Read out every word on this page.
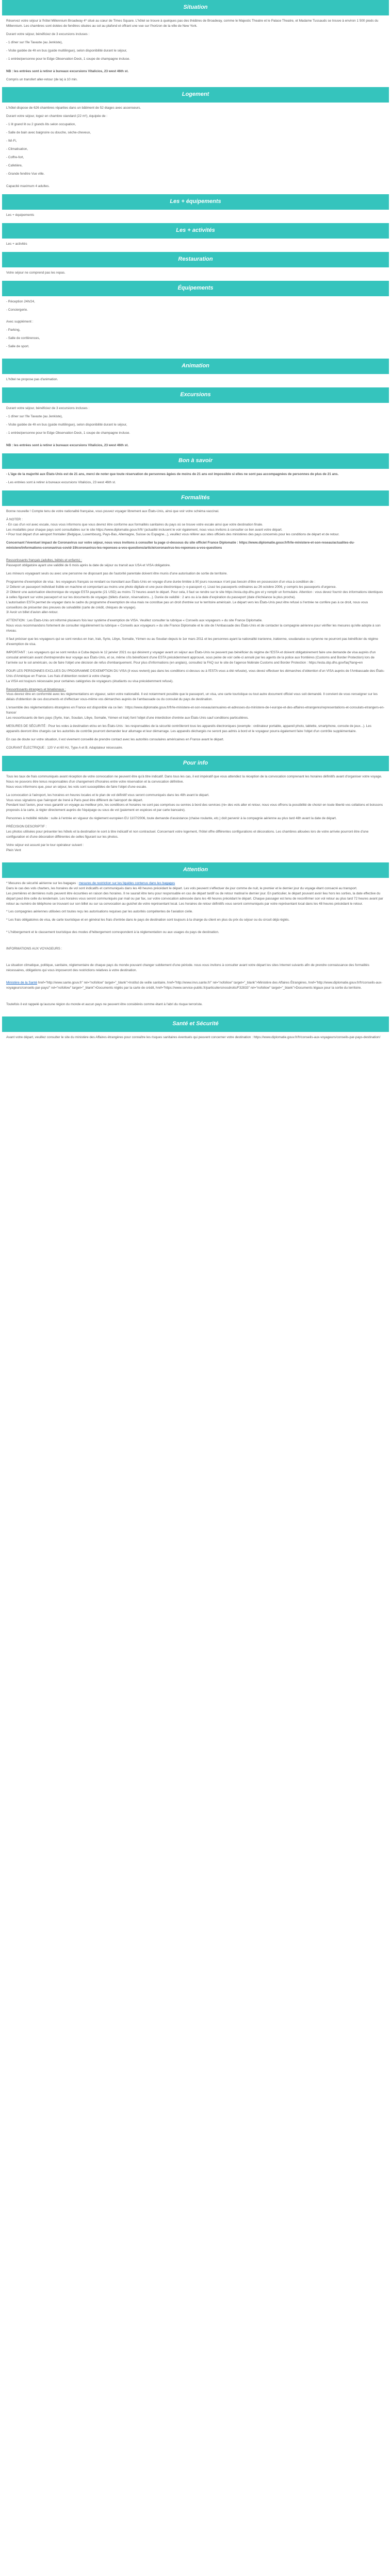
Situation

Réservez votre séjour à l'hôtel Millennium Broadway 4* situé au cœur de Times Square. L'hôtel se trouve à quelques pas des théâtres de Broadway, comme le Majestic Theatre et le Palace Theatre, et Madame Tussauds se trouve à environ 1 500 pieds du Millennium. Les chambres sont dotées de fenêtres situées au sol au plafond et offrant une vue sur l'horizon de la ville de New York.

Durant votre séjour, bénéficiez de 3 excursions incluses :

- 1 dîner sur l'île Tavaste (au Jenkiste),

- Visite guidée de 4h en bus (guide multilingue), selon disponibilité durant le séjour,

- 1 entrée/personne pour le Edge Observation Deck, 1 coupe de champagne incluse.

NB : les entrées sont à retirer à bureaux excursions Vitalicios, 23 west 46th st.

Compris un transfert aller-retour (de la) à 10 min.

Logement

L'hôtel dispose de 626 chambres réparties dans un bâtiment de 52 étages avec ascenseurs.

Durant votre séjour, logez en chambre standard (22 m²), équipée de :

- 1 lit grand lit ou 2 grands lits selon occupation,

- Salle de bain avec baignoire ou douche, sèche-cheveux,

- Wi-Fi,

- Climatisation,

- Coffre-fort,

- Cafetière,

- Grande fenêtre Vue ville.

Capacité maximum 4 adultes.

Les + équipements

Les + équipements

Les + activités

Les + activités

Restauration

Votre séjour ne comprend pas les repas.

Équipements

- Réception 24h/24,

- Conciergerie.

Avec supplément :

- Parking,

- Salle de conférences,

- Salle de sport.

Animation

L'hôtel ne propose pas d'animation.

Excursions

Durant votre séjour, bénéficiez de 3 excursions incluses :

- 1 dîner sur l'île Tavaste (au Jenkiste),

- Visite guidée de 4h en bus (guide multilingue), selon disponibilité durant le séjour,

- 1 entrée/personne pour le Edge Observation Deck, 1 coupe de champagne incluse.

NB : les entrées sont à retirer à bureaux excursions Vitalicios, 23 west 46th st.

Bon à savoir

- L'âge de la majorité aux États-Unis est de 21 ans, merci de noter que toute réservation de personnes âgées de moins de 21 ans est impossible si elles ne sont pas accompagnées de personnes de plus de 21 ans.

- Les entrées sont à retirer à bureaux excursions Vitalicios, 23 west 46th st.

Formalités

Bonne nouvelle ! Compte tenu de votre nationalité française, vous pouvez voyager librement aux États-Unis, ainsi que voir votre schéma vaccinal.

À NOTER :

- En cas d'un vol avec escale, nous vous informons que vous devrez être conforme aux formalités sanitaires du pays où se trouve votre escale ainsi que votre destination finale.

Les modalités pour chaque pays sont consultables sur le site https://www.diplomatie.gouv.fr/fr/ (actualité inclusent le voir également, nous vous invitons à consulter ce lien avant votre départ.

• Pour tout départ d'un aéroport frontalier (Belgique, Luxembourg, Pays-Bas, Allemagne, Suisse ou Espagne...), veuillez vous référer aux sites officiels des ministères des pays concernés pour les conditions de départ et de retour.

Concernant l'éventuel impact de Coronavirus sur votre séjour, nous vous invitons à consulter la page ci-dessous du site officiel France Diplomatie : https://www.diplomatie.gouv.fr/fr/le-ministere-et-son-reseau/actualites-du-ministere/informations-coronavirus-covid-19/coronavirus-les-reponses-a-vos-questions/article/coronavirus-les-reponses-a-vos-questions

Ressortissants français (adultes, bébés et enfants) :

Passeport obligatoire ayant une validité de 6 mois après la date de séjour ou transit aux USA et VISA obligatoire.

Les mineurs voyageant seuls ou avec une personne ne disposant pas de l'autorité parentale doivent être munis d'une autorisation de sortie de territoire.

Programme d'exemption de visa : les voyageurs français se rendant ou transitant aux États-Unis en voyage d'une durée limitée à 90 jours nouveaux n'ont pas besoin d'être en possession d'un visa à condition de :

1/ Détenir un passeport individuel lisible en machine et comportant au moins une photo digitale et une puce électronique (« e-passport »). Lisez les passeports ordinaires au 26 octobre 2006, y compris les passeports d'urgence.

2/ Obtenir une autorisation électronique de voyage ESTA payante (21 USD) au moins 72 heures avant le départ. Pour cela, il faut se rendre sur le site https://esta.cbp.dhs.gov et y remplir un formulaire. Attention : vous devez fournir des informations identiques à celles figurant sur votre passeport et sur les documents de voyages (billets d'avion, réservations...). Durée de validité : 2 ans ou à la date d'expiration du passeport (date d'échéance la plus proche).

L'autorisation ESTA permet de voyager dans le cadre du programme d'exemption de visa mais ne constitue pas un droit d'entrée sur le territoire américain. Le départ vers les États-Unis peut être refusé si l'entrée ne confère pas à ce droit, nous vous conseillons de présenter des preuves de solvabilité (carte de crédit, chèques de voyage).

3/ Avoir un billet d'avion aller-retour.

ATTENTION : Les États-Unis ont réformé plusieurs fois leur système d'exemption de VISA. Veuillez consulter la rubrique « Conseils aux voyageurs » du site France Diplomatie.

Nous vous recommandons fortement de consulter régulièrement la rubrique « Conseils aux voyageurs » du site France Diplomatie et le site de l'Ambassade des États-Unis et de contacter la compagnie aérienne pour vérifier les mesures qu'elle adopte à son niveau.

Il faut préciser que les voyageurs qui se sont rendus en Iran, Irak, Syrie, Libye, Somalie, Yémen ou au Soudan depuis le 1er mars 2011 et les personnes ayant la nationalité iranienne, irakienne, soudanaise ou syrienne ne pourront pas bénéficier du régime d'exemption de visa.

IMPORTANT : Les voyageurs qui se sont rendus à Cuba depuis le 12 janvier 2021 ou qui désirent y voyager avant un séjour aux États-Unis ne peuvent pas bénéficier du régime de l'ESTA et doivent obligatoirement faire une demande de visa auprès d'un consulat américain avant d'entreprendre leur voyage aux États-Unis, et ce, même s'ils bénéficient d'une ESTA précédemment approuvé, sous peine de voir celle-ci annulé par les agents de la police aux frontières (Customs and Border Protection) lors de l'arrivée sur le sol américain, ou de faire l'objet une décision de refus d'embarquement. Pour plus d'informations (en anglais), consultez la FAQ sur le site de l'agence fédérale Customs and Border Protection : https://esta.cbp.dhs.gov/faq?lang=en

POUR LES PERSONNES EXCLUES DU PROGRAMME D'EXEMPTION DU VISA (il vous revient) pas dans les conditions ci-dessus ou à l'ESTA vous a été refusée), vous devez effectuer les démarches d'obtention d'un VISA auprès de l'Ambassade des États-Unis d'Amérique en France. Les frais d'obtention restent à votre charge.

La VISA est toujours nécessaire pour certaines catégories de voyageurs (étudiants ou visa précédemment refusé).

Ressortissants étrangers et binationaux :

Vous devrez être en conformité avec les réglementations en vigueur, selon votre nationalité. Il est notamment possible que le passeport, un visa, une carte touristique ou tout autre document officiel vous soit demandé. Il convient de vous renseigner sur les délais d'obtention de ces documents et d'effectuer vous-même vos démarches auprès de l'ambassade ou du consulat du pays de destination.

L'ensemble des réglementations étrangères en France est disponible via ce lien : https://www.diplomatie.gouv.fr/fr/le-ministere-et-son-reseau/annuaires-et-adresses-du-ministere-de-l-europe-et-des-affaires-etrangeres/representations-et-consulats-etrangers-en-france/

Les ressortissants de tiers pays (Syrie, Iran, Soudan, Libye, Somalie, Yémen et Irak) font l'objet d'une interdiction d'entrée aux États-Unis sauf conditions particulières.

MESURES DE SÉCURITÉ : Pour les voles à destination et/ou en les États-Unis : les responsables de la sécurité contrôleront tous les appareils électroniques (exemple : ordinateur portable, appareil photo, tablette, smartphone, console de jeux...). Les appareils devront être chargés car les autorités de contrôle pourront demander leur allumage et leur démarrage. Les appareils déchargés ne seront pas admis à bord et le voyageur pourra également faire l'objet d'un contrôle supplémentaire.

En cas de doute sur votre situation, il est vivement conseillé de prendre contact avec les autorités consulaires américaines en France avant le départ.

COURANT ÉLECTRIQUE : 120 V et 60 Hz, Type A et B. Adaptateur nécessaire.

Pour info

Tous les taux de frais communiqués avant réception de votre convocation ne peuvent être qu'à titre indicatif. Dans tous les cas, il est impératif que vous attendiez la réception de la convocation comprenant les horaires définitifs avant d'organiser votre voyage.

Nous ne pouvons être tenus responsables d'un changement d'horaires entre votre réservation et la convocation définitive.

Nous vous informons que, pour un séjour, les vols sont susceptibles de faire l'objet d'une escale.

La convocation à l'aéroport, les horaires en heures locales et le plan de vol définitif vous seront communiqués dans les 48h avant le départ.

Vous vous signalons que l'aéroport de Irené à Paris peut être différent de l'aéroport de départ.

Pendant tout l'avion, pour vous garantir un voyage au meilleur prix, les conditions et horaires ne sont pas comprises ou servies à bord des services (ni« des vols aller et retour, nous vous offrons la possibilité de choisir en toute liberté vos collations et boissons proposés à la carte, à régler directement auprès de l'équipage ou sous de vol (paiement en espèces et par carte bancaire).

Personnes à mobilité réduite : suite à l'entrée en vigueur du règlement européen EU 1107/2006, toute demande d'assistance (chaise roulante, etc.) doit parvenir à la compagnie aérienne au plus tard 48h avant la date de départ.

PRÉCISION DESCRIPTIF :

Les photos utilisées pour présenter les hôtels et la destination le sont à titre indicatif et non contractuel. Concernant votre logement, l'hôtel offre différentes configurations et décorations. Les chambres allouées lors de votre arrivée pourront être d'une configuration et d'une décoration différentes de celles figurant sur les photos.

Votre séjour est assuré par le tour opérateur suivant :

Plein Vent

Attention

* Mesures de sécurité aérienne sur les bagages : mesures de restriction sur les liquides contenus dans les bagages

Dans le cas des vols charters, les horaires de vol sont indicatifs et communiqués dans les 48 heures précédant le départ. Les vols peuvent s'effectuer de jour comme de nuit, le premier et le dernier jour du voyage étant consacré au transport.

Les premières et dernières nuits peuvent être écourtées en raison des horaires. Il ne saurait être tenu pour responsable en cas de départ tardif ou de retour matinal le dernier jour. En particulier, le départ pouvant avoir lieu hors les sorties, la date effective du départ peut être celle du lendemain. Les horaires vous seront communiqués par mail ou par fax, sur votre convocation adressée dans les 48 heures précédant le départ. Chaque passager est tenu de reconfirmer son vol retour au plus tard 72 heures avant par retour au numéro de téléphone se trouvant sur son billet ou sur sa convocation au guichet de votre représentant local. Les horaires de retour définitifs vous seront communiqués par votre représentant local dans les 48 heures précédant le retour.

* Les compagnies aériennes utilisées ont toutes reçu les autorisations requises par les autorités compétentes de l'aviation civile.

* Les frais obligatoires de visa, de carte touristique et en général les frais d'entrée dans le pays de destination sont toujours à la charge du client en plus du prix du séjour ou du circuit déjà réglés.

* L'hébergement et le classement touristique des modes d'hébergement correspondent à la réglementation ou aux usages du pays de destination.

INFORMATIONS AUX VOYAGEURS :

La situation climatique, politique, sanitaire, réglementaire de chaque pays du monde pouvant changer subitement d'une période. nous vous invitons à consulter avant votre départ les sites Internet suivants afin de prendre connaissance des formalités nécessaires, obligations qui vous imposeront des restrictions relatives à votre destination.

Ministère de la Santé href="http://www.sante.gouv.fr" rel="nofollow" target="_blank">Institut de veille sanitaire, href="http://www.invs.sante.fr/" rel="nofollow" target="_blank">Ministère des Affaires Étrangères, href="http://www.diplomatie.gouv.fr/fr/conseils-aux-voyageurs/conseils-par-pays/" rel="nofollow" target="_blank">Documents réglés par la carte de crédit, href="https://www.service-public.fr/particuliers/vosdroits/F32833" rel="nofollow" target="_blank">Documents légaux pour la sortie du territoire.

Toutefois il est rappelé qu'aucune région du monde et aucun pays ne peuvent être considérés comme étant à l'abri du risque terroriste.

Santé et Sécurité

Avant votre départ, veuillez consulter le site du ministère des Affaires étrangères pour connaître les risques sanitaires éventuels qui peuvent concerner votre destination : https://www.diplomatie.gouv.fr/fr/conseils-aux-voyageurs/conseils-par-pays-destination/
